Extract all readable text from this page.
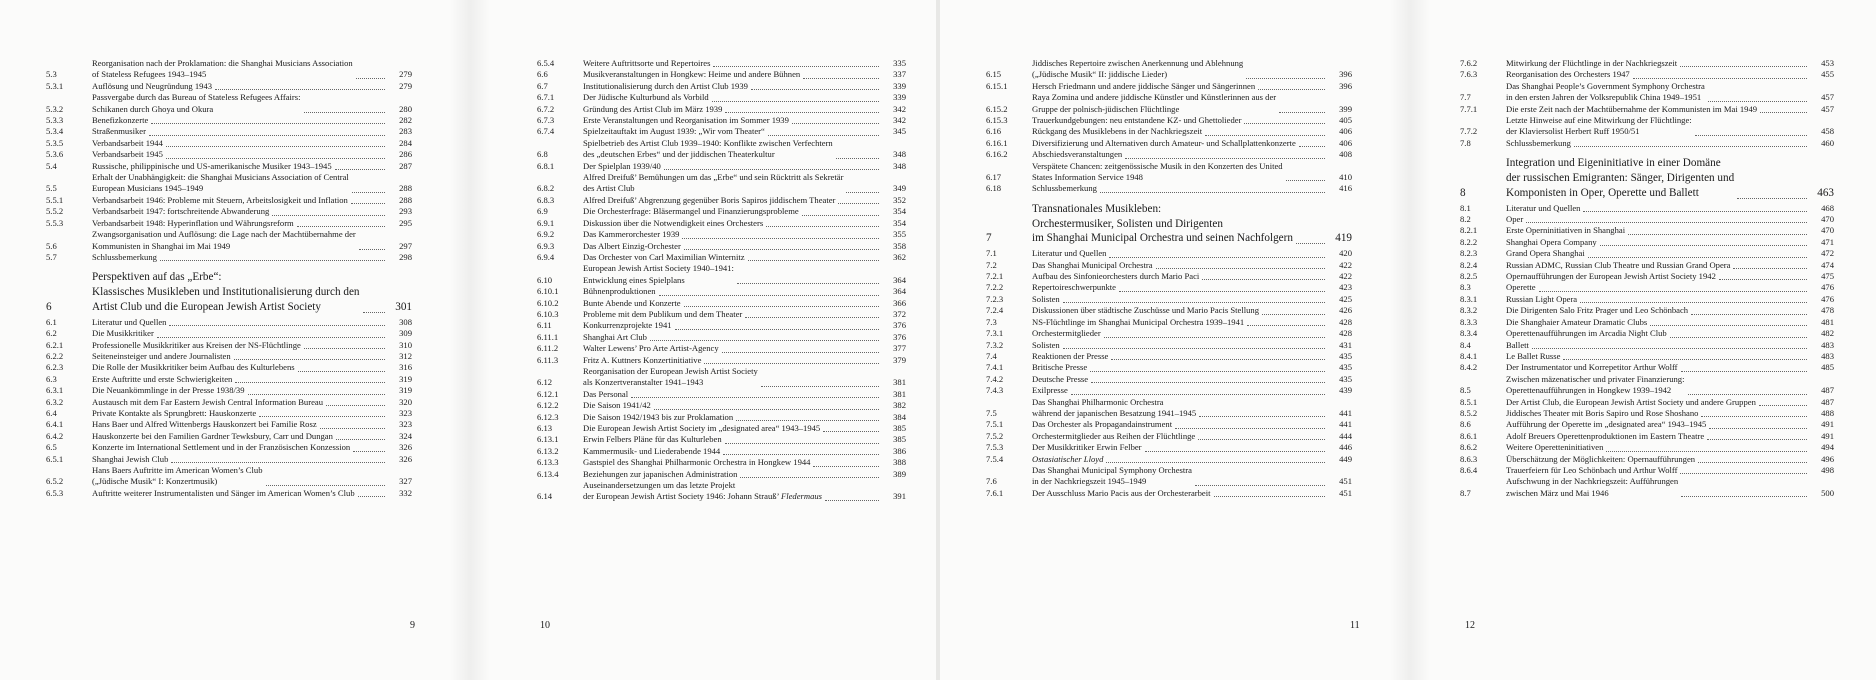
5.3
Reorganisation nach der Proklamation: die Shanghai Musicians Association
of Stateless Refugees 1943–1945	279
5.3.1	Auflösung und Neugründung 1943	279
5.3.2
Passvergabe durch das Bureau of Stateless Refugees Affairs:
Schikanen durch Ghoya und Okura	280
5.3.3	Benefizkonzerte	282
5.3.4	Straßenmusiker	283
5.3.5	Verbandsarbeit 1944	284
5.3.6	Verbandsarbeit 1945	286
5.4	Russische, philippinische und US-amerikanische Musiker 1943–1945	287
5.5
Erhalt der Unabhängigkeit: die Shanghai Musicians Association of Central
European Musicians 1945–1949	288
5.5.1	Verbandsarbeit 1946: Probleme mit Steuern, Arbeitslosigkeit und Inflation	288
5.5.2	Verbandsarbeit 1947: fortschreitende Abwanderung	293
5.5.3	Verbandsarbeit 1948: Hyperinflation und Währungsreform	295
5.6
Zwangsorganisation und Auflösung: die Lage nach der Machtübernahme der
Kommunisten in Shanghai im Mai 1949	297
5.7	Schlussbemerkung	298
6
Perspektiven auf das „Erbe“:
Klassisches Musikleben und Institutionalisierung durch den
Artist Club und die European Jewish Artist Society	301
6.1	Literatur und Quellen	308
6.2	Die Musikkritiker	309
6.2.1	Professionelle Musikkritiker aus Kreisen der NS-Flüchtlinge	310
6.2.2	Seiteneinsteiger und andere Journalisten	312
6.2.3	Die Rolle der Musikkritiker beim Aufbau des Kulturlebens	316
6.3	Erste Auftritte und erste Schwierigkeiten	319
6.3.1	Die Neuankömmlinge in der Presse 1938/39	319
6.3.2	Austausch mit dem Far Eastern Jewish Central Information Bureau	320
6.4	Private Kontakte als Sprungbrett: Hauskonzerte	323
6.4.1	Hans Baer und Alfred Wittenbergs Hauskonzert bei Familie Rosz	323
6.4.2	Hauskonzerte bei den Familien Gardner Tewksbury, Carr und Dungan	324
6.5	Konzerte im International Settlement und in der Französischen Konzession	326
6.5.1	Shanghai Jewish Club	326
6.5.2
Hans Baers Auftritte im American Women’s Club
(„Jüdische Musik“ I: Konzertmusik)	327
6.5.3	Auftritte weiterer Instrumentalisten und Sänger im American Women’s Club	332
6.5.4	Weitere Auftrittsorte und Repertoires	335
6.6	Musikveranstaltungen in Hongkew: Heime und andere Bühnen	337
6.7	Institutionalisierung durch den Artist Club 1939	339
6.7.1	Der Jüdische Kulturbund als Vorbild	339
6.7.2	Gründung des Artist Club im März 1939	342
6.7.3	Erste Veranstaltungen und Reorganisation im Sommer 1939	342
6.7.4	Spielzeitauftakt im August 1939: „Wir vom Theater“	345
6.8
Spielbetrieb des Artist Club 1939–1940: Konflikte zwischen Verfechtern
des „deutschen Erbes“ und der jiddischen Theaterkultur	348
6.8.1	Der Spielplan 1939/40	348
6.8.2
Alfred Dreifuß’ Bemühungen um das „Erbe“ und sein Rücktritt als Sekretär
des Artist Club	349
6.8.3	Alfred Dreifuß’ Abgrenzung gegenüber Boris Sapiros jiddischem Theater	352
6.9	Die Orchesterfrage: Bläsermangel und Finanzierungsprobleme	354
6.9.1	Diskussion über die Notwendigkeit eines Orchesters	354
6.9.2	Das Kammerorchester 1939	355
6.9.3	Das Albert Einzig-Orchester	358
6.9.4	Das Orchester von Carl Maximilian Winternitz	362
6.10
European Jewish Artist Society 1940–1941:
Entwicklung eines Spielplans	364
6.10.1	Bühnenproduktionen	364
6.10.2	Bunte Abende und Konzerte	366
6.10.3	Probleme mit dem Publikum und dem Theater	372
6.11	Konkurrenzprojekte 1941	376
6.11.1	Shanghai Art Club	376
6.11.2	Walter Lewens’ Pro Arte Artist-Agency	377
6.11.3	Fritz A. Kuttners Konzertinitiative	379
6.12
Reorganisation der European Jewish Artist Society
als Konzertveranstalter 1941–1943	381
6.12.1	Das Personal	381
6.12.2	Die Saison 1941/42	382
6.12.3	Die Saison 1942/1943 bis zur Proklamation	384
6.13	Die European Jewish Artist Society im „designated area“ 1943–1945	385
6.13.1	Erwin Felbers Pläne für das Kulturleben	385
6.13.2	Kammermusik- und Liederabende 1944	386
6.13.3	Gastspiel des Shanghai Philharmonic Orchestra in Hongkew 1944	388
6.13.4	Beziehungen zur japanischen Administration	389
6.14
Auseinandersetzungen um das letzte Projekt
der European Jewish Artist Society 1946: Johann Strauß’ Fledermaus	391
9	10
6.15
Jiddisches Repertoire zwischen Anerkennung und Ablehnung
(„Jüdische Musik“ II: jiddische Lieder)	396
6.15.1	Hersch Friedmann und andere jiddische Sänger und Sängerinnen	396
6.15.2
Raya Zomina und andere jiddische Künstler und Künstlerinnen aus der
Gruppe der polnisch-jüdischen Flüchtlinge	399
6.15.3	Trauerkundgebungen: neu entstandene KZ- und Ghettolieder	405
6.16	Rückgang des Musiklebens in der Nachkriegszeit	406
6.16.1	Diversifizierung und Alternativen durch Amateur- und Schallplattenkonzerte	406
6.16.2	Abschiedsveranstaltungen	408
6.17
Verspätete Chancen: zeitgenössische Musik in den Konzerten des United
States Information Service 1948	410
6.18	Schlussbemerkung	416
7
Transnationales Musikleben:
Orchestermusiker, Solisten und Dirigenten
im Shanghai Municipal Orchestra und seinen Nachfolgern	419
7.1	Literatur und Quellen	420
7.2	Das Shanghai Municipal Orchestra	422
7.2.1	Aufbau des Sinfonieorchesters durch Mario Paci	422
7.2.2	Repertoireschwerpunkte	423
7.2.3	Solisten	425
7.2.4	Diskussionen über städtische Zuschüsse und Mario Pacis Stellung	426
7.3	NS-Flüchtlinge im Shanghai Municipal Orchestra 1939–1941	428
7.3.1	Orchestermitglieder	428
7.3.2	Solisten	431
7.4	Reaktionen der Presse	435
7.4.1	Britische Presse	435
7.4.2	Deutsche Presse	435
7.4.3	Exilpresse	439
7.5
Das Shanghai Philharmonic Orchestra
während der japanischen Besatzung 1941–1945	441
7.5.1	Das Orchester als Propagandainstrument	441
7.5.2	Orchestermitglieder aus Reihen der Flüchtlinge	444
7.5.3	Der Musikkritiker Erwin Felber	446
7.5.4	Ostasiatischer Lloyd	449
7.6
Das Shanghai Municipal Symphony Orchestra
in der Nachkriegszeit 1945–1949	451
7.6.1	Der Ausschluss Mario Pacis aus der Orchesterarbeit	451
7.6.2	Mitwirkung der Flüchtlinge in der Nachkriegszeit	453
7.6.3	Reorganisation des Orchesters 1947	455
7.7
Das Shanghai People’s Government Symphony Orchestra
in den ersten Jahren der Volksrepublik China 1949–1951	457
7.7.1	Die erste Zeit nach der Machtübernahme der Kommunisten im Mai 1949	457
7.7.2
Letzte Hinweise auf eine Mitwirkung der Flüchtlinge:
der Klaviersolist Herbert Ruff 1950/51	458
7.8	Schlussbemerkung	460
8
Integration und Eigeninitiative in einer Domäne
der russischen Emigranten: Sänger, Dirigenten und
Komponisten in Oper, Operette und Ballett	463
8.1	Literatur und Quellen	468
8.2	Oper	470
8.2.1	Erste Operninitiativen in Shanghai	470
8.2.2	Shanghai Opera Company	471
8.2.3	Grand Opera Shanghai	472
8.2.4	Russian ADMC, Russian Club Theatre und Russian Grand Opera	474
8.2.5	Opernaufführungen der European Jewish Artist Society 1942	475
8.3	Operette	476
8.3.1	Russian Light Opera	476
8.3.2	Die Dirigenten Salo Fritz Prager und Leo Schönbach	478
8.3.3	Die Shanghaier Amateur Dramatic Clubs	481
8.3.4	Operettenaufführungen im Arcadia Night Club	482
8.4	Ballett	483
8.4.1	Le Ballet Russe	483
8.4.2	Der Instrumentator und Korrepetitor Arthur Wolff	485
8.5
Zwischen mäzenatischer und privater Finanzierung:
Operettenaufführungen in Hongkew 1939–1942	487
8.5.1	Der Artist Club, die European Jewish Artist Society und andere Gruppen	487
8.5.2	Jiddisches Theater mit Boris Sapiro und Rose Shoshano	488
8.6	Aufführung der Operette im „designated area“ 1943–1945	491
8.6.1	Adolf Breuers Operettenproduktionen im Eastern Theatre	491
8.6.2	Weitere Operetteninitiativen	494
8.6.3	Überschätzung der Möglichkeiten: Opernaufführungen	496
8.6.4	Trauerfeiern für Leo Schönbach und Arthur Wolff	498
8.7
Aufschwung in der Nachkriegszeit: Aufführungen
zwischen März und Mai 1946	500
11	12
